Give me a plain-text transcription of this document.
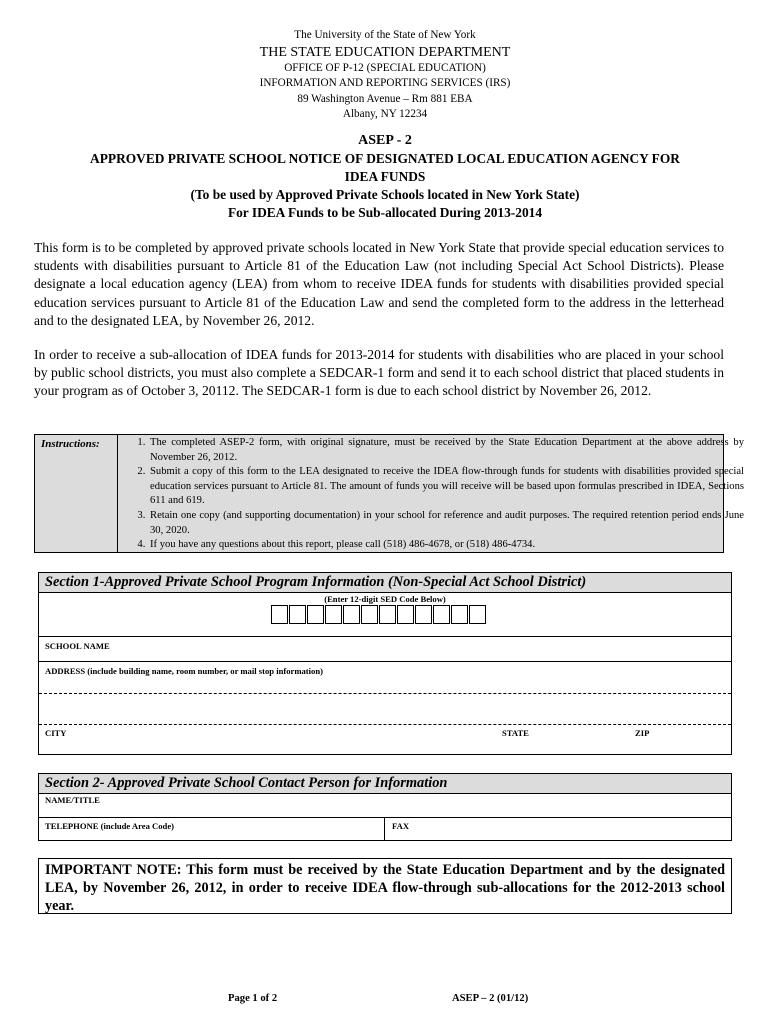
The University of the State of New York
THE STATE EDUCATION DEPARTMENT
OFFICE OF P-12 (SPECIAL EDUCATION)
INFORMATION AND REPORTING SERVICES (IRS)
89 Washington Avenue – Rm 881 EBA
Albany, NY 12234
ASEP - 2
APPROVED PRIVATE SCHOOL NOTICE OF DESIGNATED LOCAL EDUCATION AGENCY FOR
IDEA FUNDS
(To be used by Approved Private Schools located in New York State)
For IDEA Funds to be Sub-allocated During 2013-2014
This form is to be completed by approved private schools located in New York State that provide special education services to students with disabilities pursuant to Article 81 of the Education Law (not including Special Act School Districts). Please designate a local education agency (LEA) from whom to receive IDEA funds for students with disabilities provided special education services pursuant to Article 81 of the Education Law and send the completed form to the address in the letterhead and to the designated LEA, by November 26, 2012.
In order to receive a sub-allocation of IDEA funds for 2013-2014 for students with disabilities who are placed in your school by public school districts, you must also complete a SEDCAR-1 form and send it to each school district that placed students in your program as of October 3, 20112. The SEDCAR-1 form is due to each school district by November 26, 2012.
Instructions:
1.	The completed ASEP-2 form, with original signature, must be received by the State Education Department at the above address by November 26, 2012.
2. Submit a copy of this form to the LEA designated to receive the IDEA flow-through funds for students with disabilities provided special education services pursuant to Article 81. The amount of funds you will receive will be based upon formulas prescribed in IDEA, Sections 611 and 619.
3. Retain one copy (and supporting documentation) in your school for reference and audit purposes. The required retention period ends June 30, 2020.
4. If you have any questions about this report, please call (518) 486-4678, or (518) 486-4734.
Section 1-Approved Private School Program Information (Non-Special Act School District)
(Enter 12-digit SED Code Below)
SCHOOL NAME
ADDRESS (include building name, room number, or mail stop information)
CITY	STATE	ZIP
Section 2- Approved Private School Contact Person for Information
NAME/TITLE
TELEPHONE (include Area Code)	FAX
IMPORTANT NOTE: This form must be received by the State Education Department and by the designated LEA, by November 26, 2012, in order to receive IDEA flow-through sub-allocations for the 2012-2013 school year.
Page 1 of 2	ASEP – 2 (01/12)
